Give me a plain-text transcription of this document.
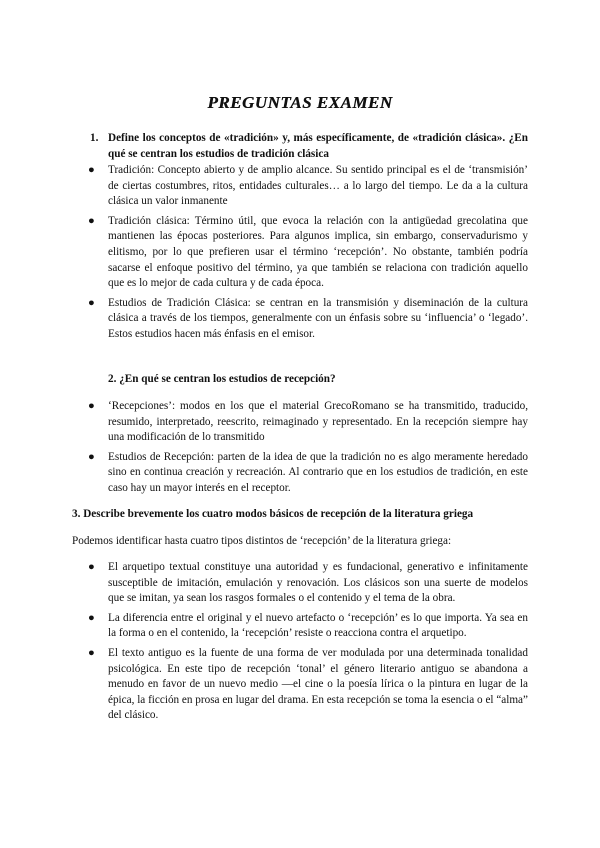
PREGUNTAS EXAMEN
1. Define los conceptos de «tradición» y, más específicamente, de «tradición clásica». ¿En qué se centran los estudios de tradición clásica
● Tradición: Concepto abierto y de amplio alcance. Su sentido principal es el de ‘transmisión’ de ciertas costumbres, ritos, entidades culturales… a lo largo del tiempo. Le da a la cultura clásica un valor inmanente
● Tradición clásica: Término útil, que evoca la relación con la antigüedad grecolatina que mantienen las épocas posteriores. Para algunos implica, sin embargo, conservadurismo y elitismo, por lo que prefieren usar el término ‘recepción’. No obstante, también podría sacarse el enfoque positivo del término, ya que también se relaciona con tradición aquello que es lo mejor de cada cultura y de cada época.
● Estudios de Tradición Clásica: se centran en la transmisión y diseminación de la cultura clásica a través de los tiempos, generalmente con un énfasis sobre su ‘influencia’ o ‘legado’. Estos estudios hacen más énfasis en el emisor.

2. ¿En qué se centran los estudios de recepción?

● ‘Recepciones’: modos en los que el material GrecoRomano se ha transmitido, traducido, resumido, interpretado, reescrito, reimaginado y representado. En la recepción siempre hay una modificación de lo transmitido
● Estudios de Recepción: parten de la idea de que la tradición no es algo meramente heredado sino en continua creación y recreación. Al contrario que en los estudios de tradición, en este caso hay un mayor interés en el receptor.

3. Describe brevemente los cuatro modos básicos de recepción de la literatura griega

Podemos identificar hasta cuatro tipos distintos de ‘recepción’ de la literatura griega:

● El arquetipo textual constituye una autoridad y es fundacional, generativo e infinitamente susceptible de imitación, emulación y renovación. Los clásicos son una suerte de modelos que se imitan, ya sean los rasgos formales o el contenido y el tema de la obra.
● La diferencia entre el original y el nuevo artefacto o ‘recepción’ es lo que importa. Ya sea en la forma o en el contenido, la ‘recepción’ resiste o reacciona contra el arquetipo.
● El texto antiguo es la fuente de una forma de ver modulada por una determinada tonalidad psicológica. En este tipo de recepción ‘tonal’ el género literario antiguo se abandona a menudo en favor de un nuevo medio —el cine o la poesía lírica o la pintura en lugar de la épica, la ficción en prosa en lugar del drama. En esta recepción se toma la esencia o el “alma” del clásico.
